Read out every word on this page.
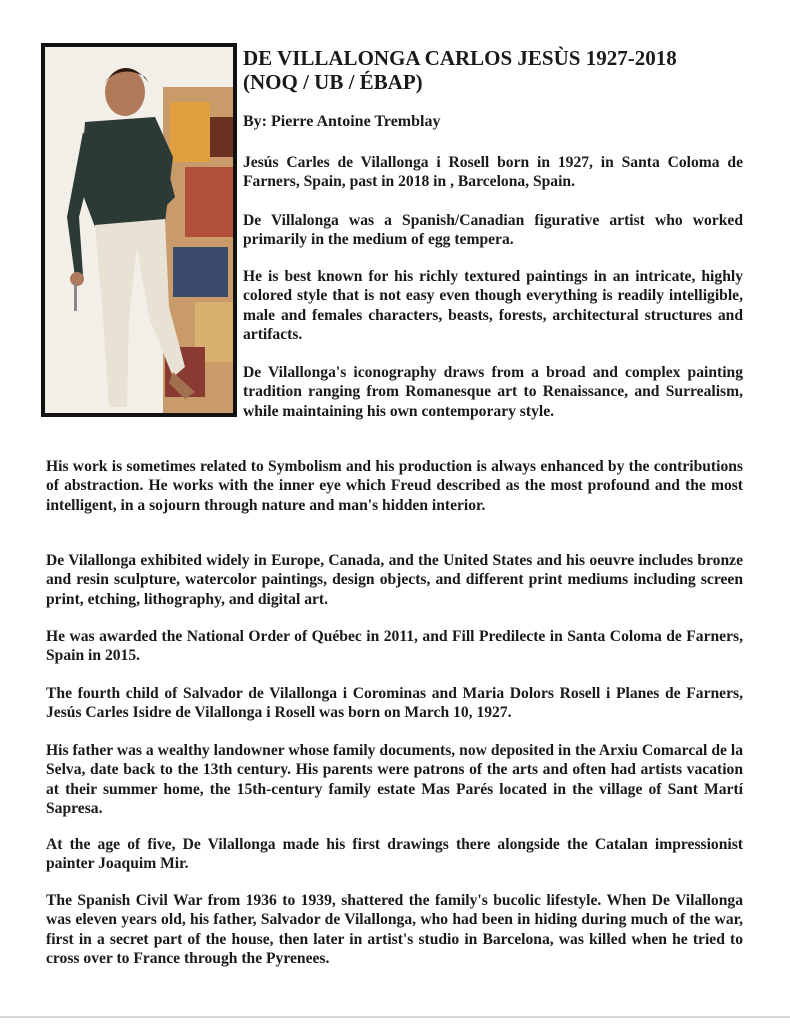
DE VILLALONGA CARLOS JESÙS 1927-2018
(NOQ / UB / ÉBAP)

By: Pierre Antoine Tremblay

Jesús Carles de Vilallonga i Rosell born in 1927, in Santa Coloma de Farners, Spain, past in 2018 in , Barcelona, Spain.

De Villalonga was a Spanish/Canadian figurative artist who worked primarily in the medium of egg tempera.

He is best known for his richly textured paintings in an intricate, highly colored style that is not easy even though everything is readily intelligible, male and females characters, beasts, forests, architectural structures and artifacts.

De Vilallonga's iconography draws from a broad and complex painting tradition ranging from Romanesque art to Renaissance, and Surrealism, while maintaining his own contemporary style.

His work is sometimes related to Symbolism and his production is always enhanced by the contributions of abstraction. He works with the inner eye which Freud described as the most profound and the most intelligent, in a sojourn through nature and man's hidden interior.

De Vilallonga exhibited widely in Europe, Canada, and the United States and his oeuvre includes bronze and resin sculpture, watercolor paintings, design objects, and different print mediums including screen print, etching, lithography, and digital art.

He was awarded the National Order of Québec in 2011, and Fill Predilecte in Santa Coloma de Farners, Spain in 2015.

The fourth child of Salvador de Vilallonga i Corominas and Maria Dolors Rosell i Planes de Farners, Jesús Carles Isidre de Vilallonga i Rosell was born on March 10, 1927.

His father was a wealthy landowner whose family documents, now deposited in the Arxiu Comarcal de la Selva, date back to the 13th century. His parents were patrons of the arts and often had artists vacation at their summer home, the 15th-century family estate Mas Parés located in the village of Sant Martí Sapresa.

At the age of five, De Vilallonga made his first drawings there alongside the Catalan impressionist painter Joaquim Mir.

The Spanish Civil War from 1936 to 1939, shattered the family's bucolic lifestyle. When De Vilallonga was eleven years old, his father, Salvador de Vilallonga, who had been in hiding during much of the war, first in a secret part of the house, then later in artist's studio in Barcelona, was killed when he tried to cross over to France through the Pyrenees.
